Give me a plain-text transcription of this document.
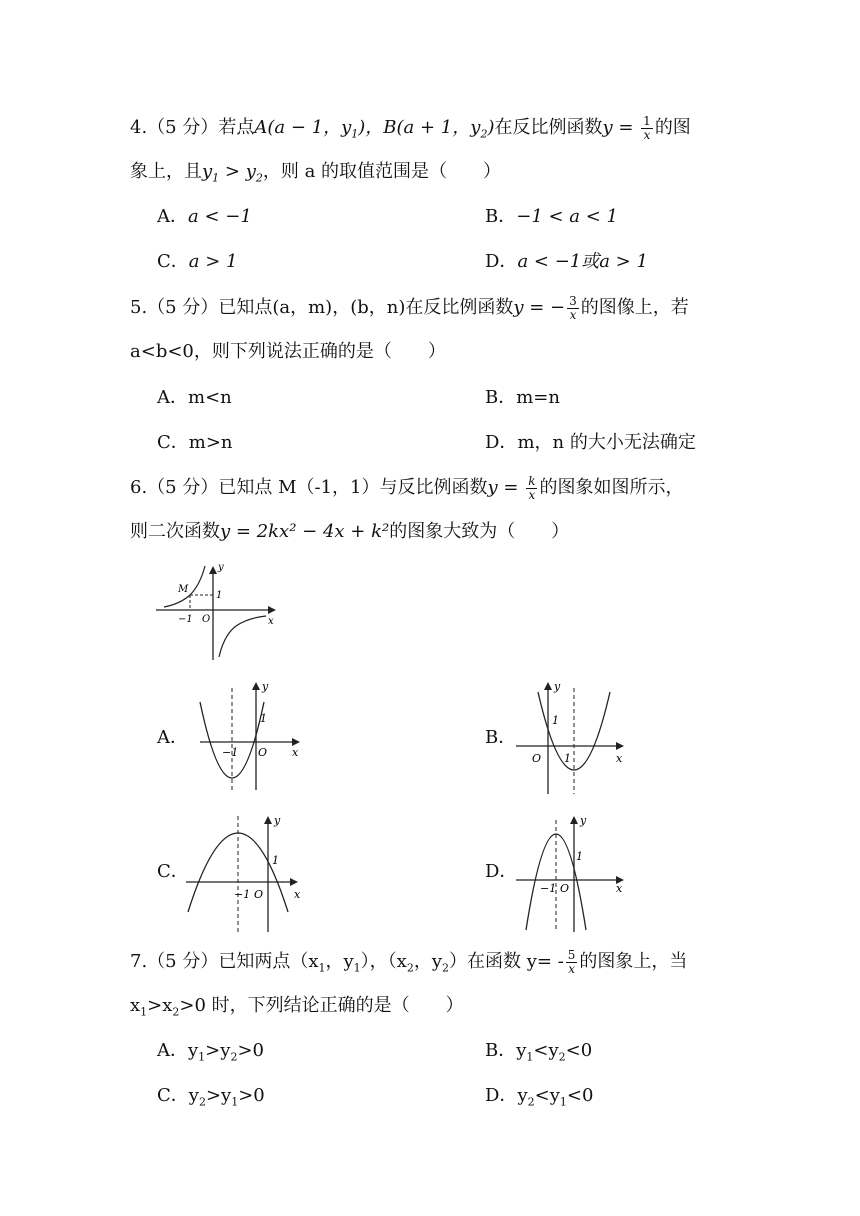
4.（5 分）若点A(a − 1，$y_1$)，B(a + 1，$y_2$)在反比例函数$y = \frac{1}{x}$ 的图
象上，且$y_1 > y_2$，则 a 的取值范围是（　　）
A．a < −1	B．−1 < a < 1
C．a > 1	D．a < −1或a > 1
5.（5 分）已知点(a，m)，(b，n)在反比例函数y = − $\frac{3}{x}$ 的图像上，若
a<b<0，则下列说法正确的是（　　）
A．m<n	B．m=n
C．m>n	D．m，n 的大小无法确定
6.（5 分）已知点 M（-1，1）与反比例函数$y = \frac{k}{x}$ 的图象如图所示，
则二次函数y = 2kx² − 4x + k²的图象大致为（　　）
M
1
−1 O	x
y
A．
−1 O
1
x
y
B．
O 1
1
x
y
C．
−1 O
1
x
y
D．
−1 O
1
x
y
7.（5 分）已知两点（$x_1$，$y_1$），（$x_2$，$y_2$）在函数 $y= - \frac{5}{x}$ 的图象上，当
$x_1>x_2>0$ 时，下列结论正确的是（　　）
A．$y_1>y_2>0$	B．$y_1<y_2<0$
C．$y_2>y_1>0$	D．$y_2<y_1<0$
